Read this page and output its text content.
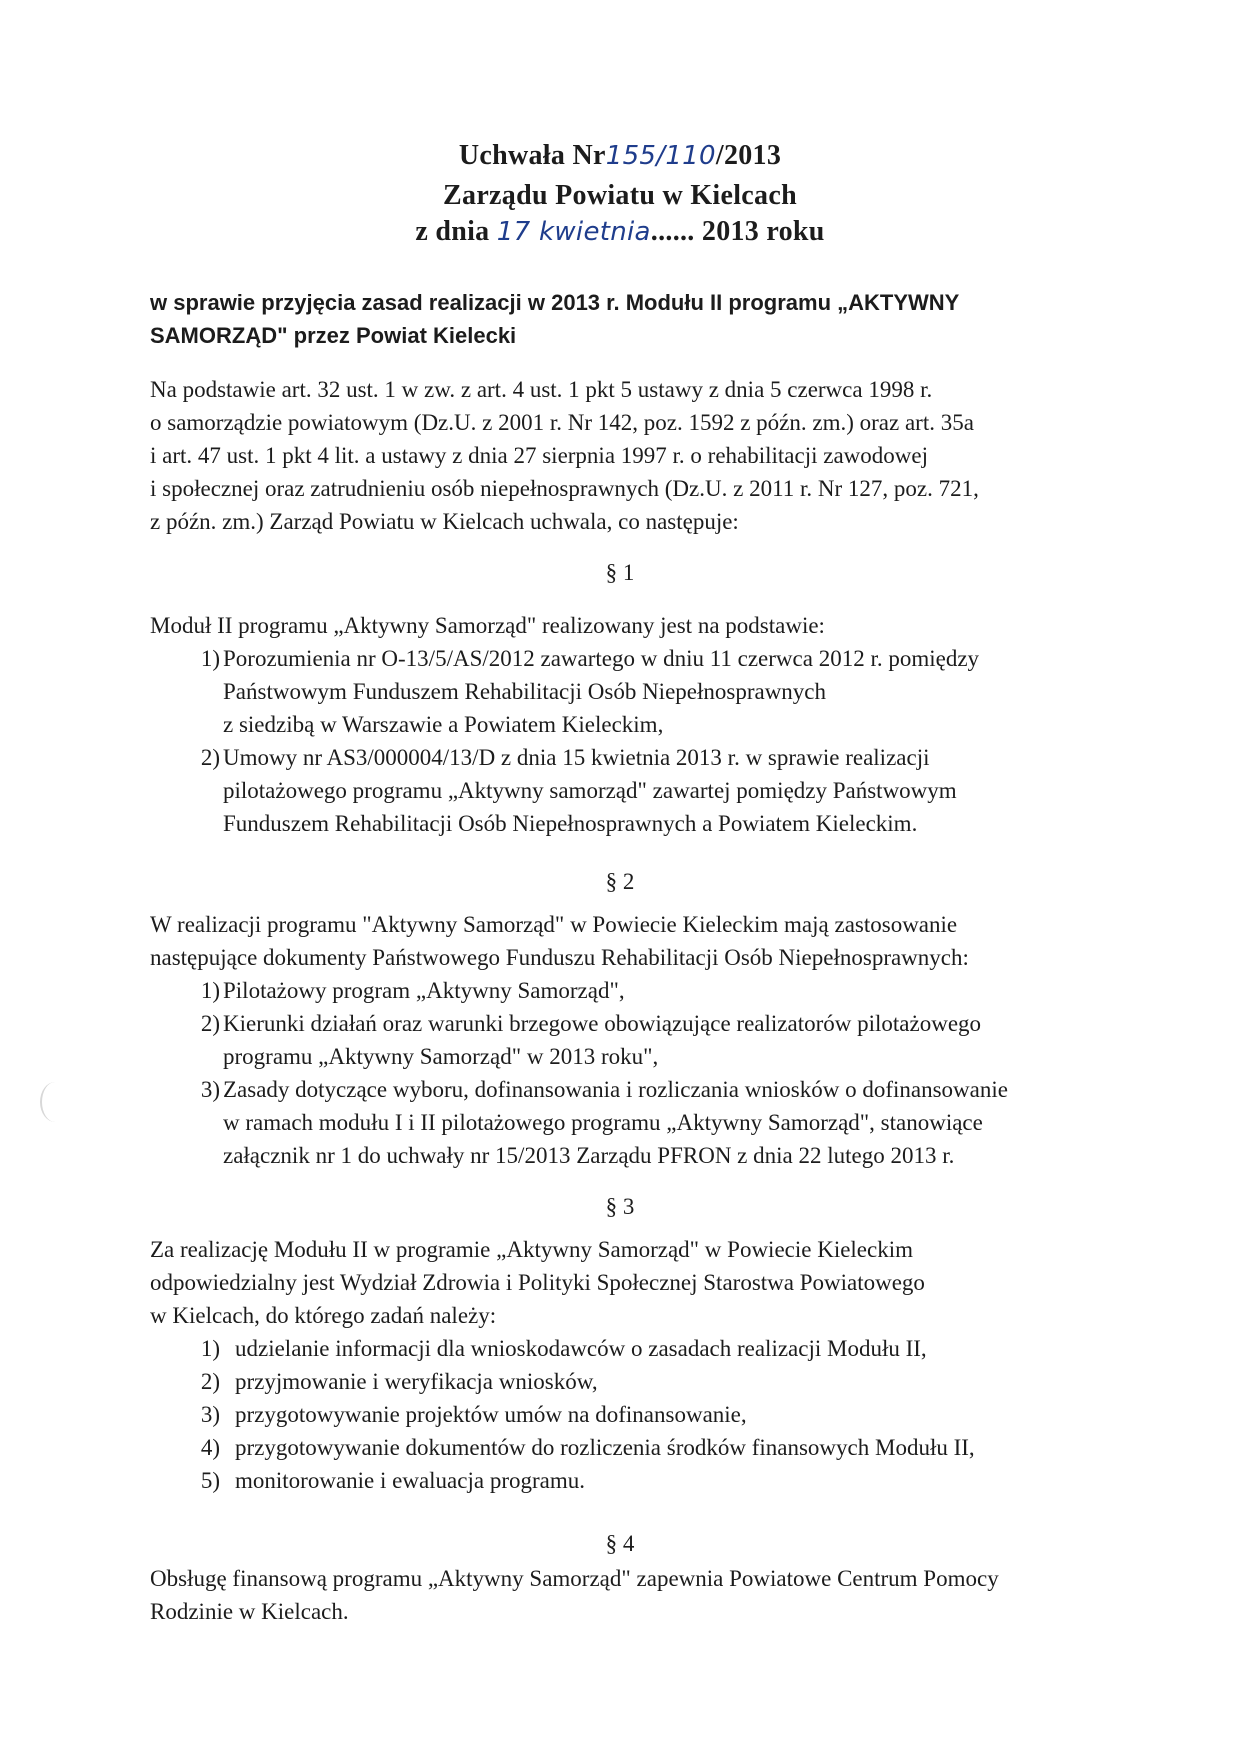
Uchwała Nr155/110/2013
Zarządu Powiatu w Kielcach
z dnia 17 kwietnia...... 2013 roku
w sprawie przyjęcia zasad realizacji w 2013 r. Modułu II programu „AKTYWNY
SAMORZĄD" przez Powiat Kielecki
Na podstawie art. 32 ust. 1 w zw. z art. 4 ust. 1 pkt 5 ustawy z dnia 5 czerwca 1998 r.
o samorządzie powiatowym (Dz.U. z 2001 r. Nr 142, poz. 1592 z późn. zm.) oraz art. 35a
i art. 47 ust. 1 pkt 4 lit. a ustawy z dnia 27 sierpnia 1997 r. o rehabilitacji zawodowej
i społecznej oraz zatrudnieniu osób niepełnosprawnych (Dz.U. z 2011 r. Nr 127, poz. 721,
z późn. zm.) Zarząd Powiatu w Kielcach uchwala, co następuje:
§ 1
Moduł II programu „Aktywny Samorząd" realizowany jest na podstawie:
1) Porozumienia nr O-13/5/AS/2012 zawartego w dniu 11 czerwca 2012 r. pomiędzy
Państwowym Funduszem Rehabilitacji Osób Niepełnosprawnych
z siedzibą w Warszawie a Powiatem Kieleckim,
2) Umowy nr AS3/000004/13/D z dnia 15 kwietnia 2013 r. w sprawie realizacji
pilotażowego programu „Aktywny samorząd" zawartej pomiędzy Państwowym
Funduszem Rehabilitacji Osób Niepełnosprawnych a Powiatem Kieleckim.
§ 2
W realizacji programu "Aktywny Samorząd" w Powiecie Kieleckim mają zastosowanie
następujące dokumenty Państwowego Funduszu Rehabilitacji Osób Niepełnosprawnych:
1) Pilotażowy program „Aktywny Samorząd",
2) Kierunki działań oraz warunki brzegowe obowiązujące realizatorów pilotażowego
programu „Aktywny Samorząd" w 2013 roku",
3) Zasady dotyczące wyboru, dofinansowania i rozliczania wniosków o dofinansowanie
w ramach modułu I i II pilotażowego programu „Aktywny Samorząd", stanowiące
załącznik nr 1 do uchwały nr 15/2013 Zarządu PFRON z dnia 22 lutego 2013 r.
§ 3
Za realizację Modułu II w programie „Aktywny Samorząd" w Powiecie Kieleckim
odpowiedzialny jest Wydział Zdrowia i Polityki Społecznej Starostwa Powiatowego
w Kielcach, do którego zadań należy:
1) udzielanie informacji dla wnioskodawców o zasadach realizacji Modułu II,
2) przyjmowanie i weryfikacja wniosków,
3) przygotowywanie projektów umów na dofinansowanie,
4) przygotowywanie dokumentów do rozliczenia środków finansowych Modułu II,
5) monitorowanie i ewaluacja programu.
§ 4
Obsługę finansową programu „Aktywny Samorząd" zapewnia Powiatowe Centrum Pomocy
Rodzinie w Kielcach.
